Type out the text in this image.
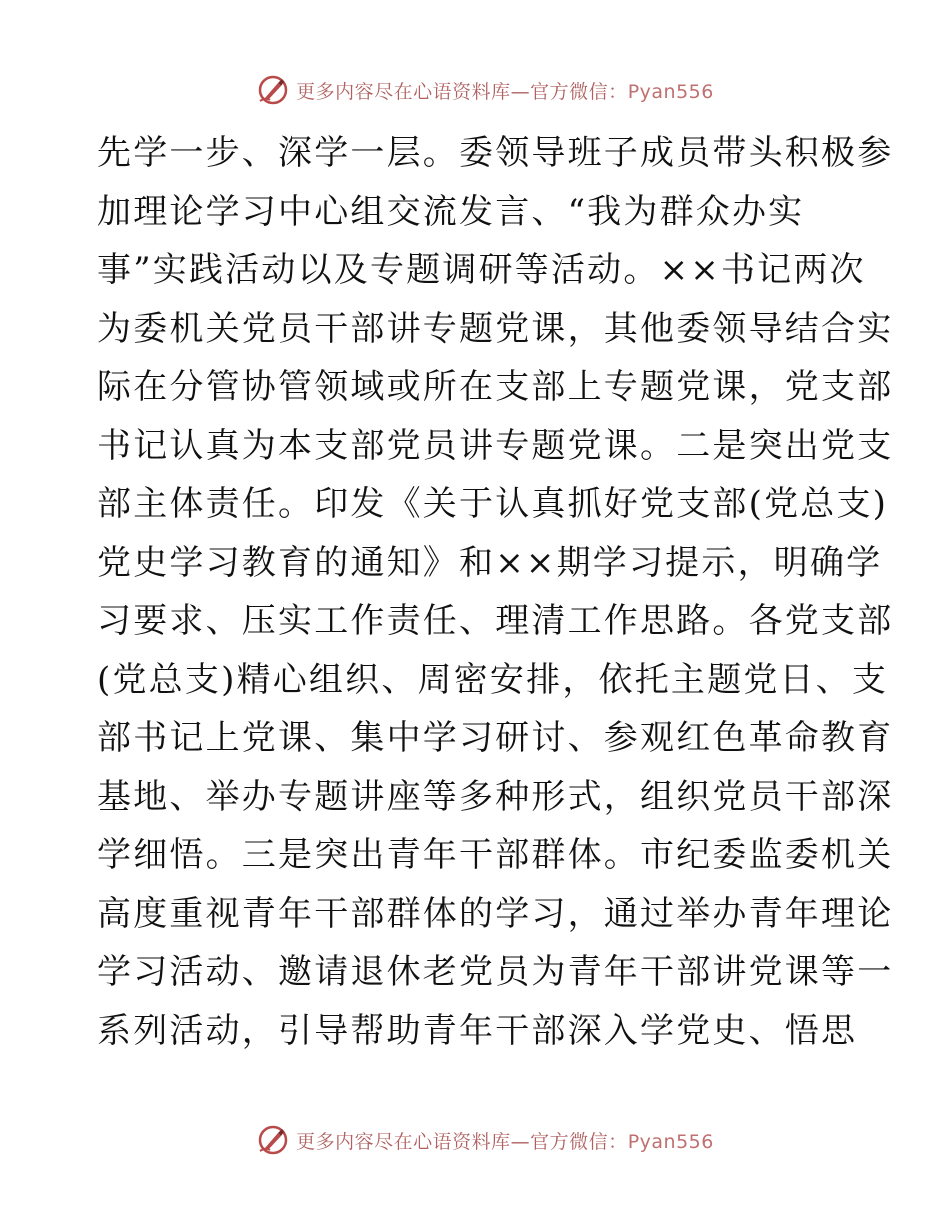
更多内容尽在心语资料库—官方微信：Pyan556
先学一步、深学一层。委领导班子成员带头积极参
加理论学习中心组交流发言、“我为群众办实
事”实践活动以及专题调研等活动。××书记两次
为委机关党员干部讲专题党课，其他委领导结合实
际在分管协管领域或所在支部上专题党课，党支部
书记认真为本支部党员讲专题党课。二是突出党支
部主体责任。印发《关于认真抓好党支部(党总支)
党史学习教育的通知》和××期学习提示，明确学
习要求、压实工作责任、理清工作思路。各党支部
(党总支)精心组织、周密安排，依托主题党日、支
部书记上党课、集中学习研讨、参观红色革命教育
基地、举办专题讲座等多种形式，组织党员干部深
学细悟。三是突出青年干部群体。市纪委监委机关
高度重视青年干部群体的学习，通过举办青年理论
学习活动、邀请退休老党员为青年干部讲党课等一
系列活动，引导帮助青年干部深入学党史、悟思
更多内容尽在心语资料库—官方微信：Pyan556
